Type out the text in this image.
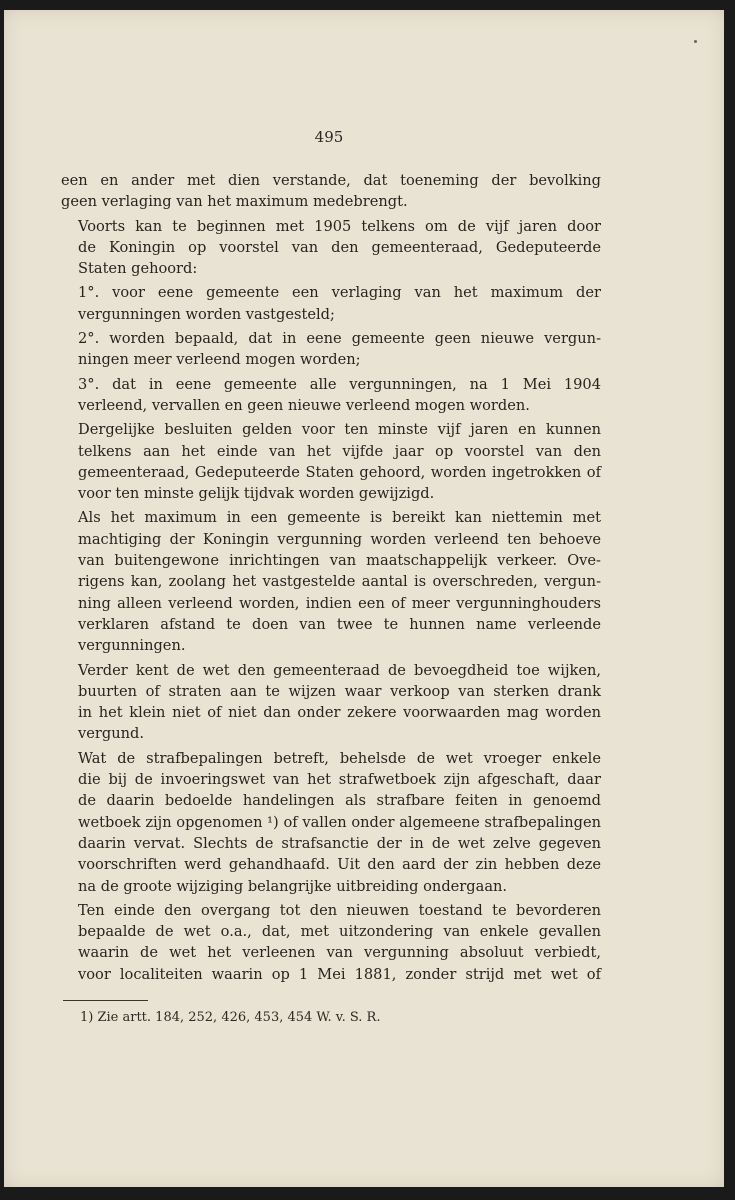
495

een en ander met dien verstande, dat toeneming der bevolking
geen verlaging van het maximum medebrengt.

Voorts kan te beginnen met 1905 telkens om de vijf jaren door
de Koningin op voorstel van den gemeenteraad, Gedeputeerde
Staten gehoord:

1°. voor eene gemeente een verlaging van het maximum der
vergunningen worden vastgesteld;

2°. worden bepaald, dat in eene gemeente geen nieuwe vergun-
ningen meer verleend mogen worden;

3°. dat in eene gemeente alle vergunningen, na 1 Mei 1904
verleend, vervallen en geen nieuwe verleend mogen worden.

Dergelijke besluiten gelden voor ten minste vijf jaren en kunnen
telkens aan het einde van het vijfde jaar op voorstel van den
gemeenteraad, Gedeputeerde Staten gehoord, worden ingetrokken of
voor ten minste gelijk tijdvak worden gewijzigd.

Als het maximum in een gemeente is bereikt kan niettemin met
machtiging der Koningin vergunning worden verleend ten behoeve
van buitengewone inrichtingen van maatschappelijk verkeer. Ove-
rigens kan, zoolang het vastgestelde aantal is overschreden, vergun-
ning alleen verleend worden, indien een of meer vergunninghouders
verklaren afstand te doen van twee te hunnen name verleende
vergunningen.

Verder kent de wet den gemeenteraad de bevoegdheid toe wijken,
buurten of straten aan te wijzen waar verkoop van sterken drank
in het klein niet of niet dan onder zekere voorwaarden mag worden
vergund.

Wat de strafbepalingen betreft, behelsde de wet vroeger enkele
die bij de invoeringswet van het strafwetboek zijn afgeschaft, daar
de daarin bedoelde handelingen als strafbare feiten in genoemd
wetboek zijn opgenomen ¹) of vallen onder algemeene strafbepalingen
daarin vervat. Slechts de strafsanctie der in de wet zelve gegeven
voorschriften werd gehandhaafd. Uit den aard der zin hebben deze
na de groote wijziging belangrijke uitbreiding ondergaan.

Ten einde den overgang tot den nieuwen toestand te bevorderen
bepaalde de wet o.a., dat, met uitzondering van enkele gevallen
waarin de wet het verleenen van vergunning absoluut verbiedt,
voor localiteiten waarin op 1 Mei 1881, zonder strijd met wet of

1) Zie artt. 184, 252, 426, 453, 454 W. v. S. R.
